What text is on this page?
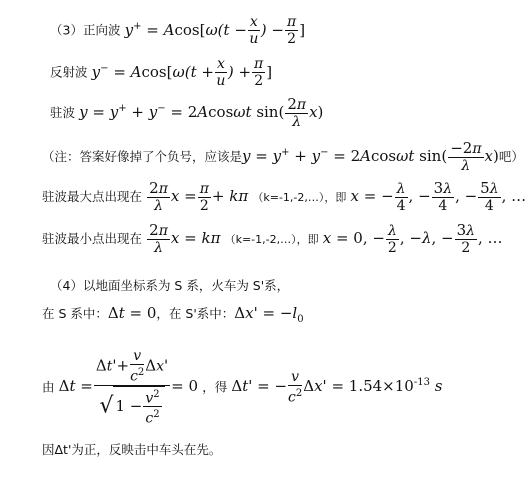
（3）正向波 $y^+ = Acos[\omega(t - \frac{x}{u}$ ) − $\frac{\pi}{2}$ ]
反射波 $y^- = Acos[\omega(t + \frac{x}{u}$ ) + $\frac{\pi}{2}$ ]
驻波 y = y+ + y− = 2Acosωt $\sin( \frac{2\pi}{\lambda} x)$
（注：答案好像掉了个负号，应该是y = y+ + y− = 2Acosωt $\sin( \frac{-2\pi}{\lambda} x)$吧）
驻波最大点出现在 $\frac{2\pi}{\lambda}$ $x = \frac{\pi}{2} + k\pi$ （k=-1,-2,…），即 x = − $\frac{\lambda}{4}$ , − $\frac{3\lambda}{4}$ , − $\frac{5\lambda}{4}$ , …
驻波最小点出现在 $\frac{2\pi}{\lambda}$ x = kπ （k=-1,-2,…），即 x = 0, − $\frac{\lambda}{2}$ , −λ, − $\frac{3\lambda}{2}$ , …
（4）以地面坐标系为 S 系，火车为 S'系，
在 S 系中：Δt = 0，在 S'系中：$\Delta x' = -l_0$
由 $\Delta t = \frac{\Delta t'+ \frac{v}{c^2} \Delta x'}{√ 1 - \frac{v^2}{c^2}} = 0$ ，得 Δt' = − $\frac{v}{c^2} \Delta x' = 1.54\times 10^{-13}$ s
因Δt'为正，反映击中车头在先。
